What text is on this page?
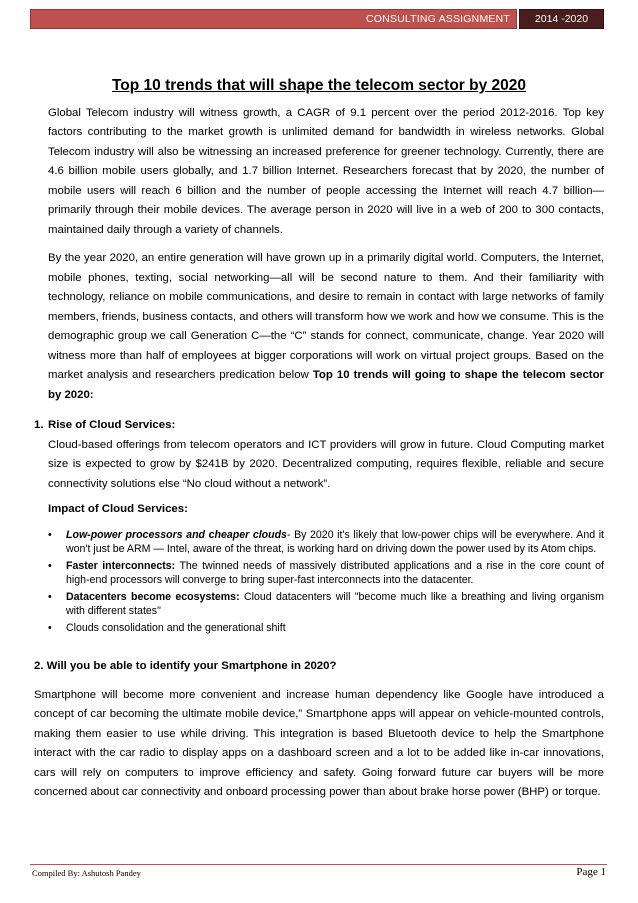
CONSULTING ASSIGNMENT	2014 -2020
Top 10 trends that will shape the telecom sector by 2020

Global Telecom industry will witness growth, a CAGR of 9.1 percent over the period 2012-2016. Top key factors contributing to the market growth is unlimited demand for bandwidth in wireless networks. Global Telecom industry will also be witnessing an increased preference for greener technology. Currently, there are 4.6 billion mobile users globally, and 1.7 billion Internet. Researchers forecast that by 2020, the number of mobile users will reach 6 billion and the number of people accessing the Internet will reach 4.7 billion—primarily through their mobile devices. The average person in 2020 will live in a web of 200 to 300 contacts, maintained daily through a variety of channels.

By the year 2020, an entire generation will have grown up in a primarily digital world. Computers, the Internet, mobile phones, texting, social networking—all will be second nature to them. And their familiarity with technology, reliance on mobile communications, and desire to remain in contact with large networks of family members, friends, business contacts, and others will transform how we work and how we consume. This is the demographic group we call Generation C—the “C” stands for connect, communicate, change. Year 2020 will witness more than half of employees at bigger corporations will work on virtual project groups. Based on the market analysis and researchers predication below Top 10 trends will going to shape the telecom sector by 2020:

1. Rise of Cloud Services:

Cloud-based offerings from telecom operators and ICT providers will grow in future. Cloud Computing market size is expected to grow by $241B by 2020. Decentralized computing, requires flexible, reliable and secure connectivity solutions else “No cloud without a network”.

Impact of Cloud Services:
•	Low-power processors and cheaper clouds- By 2020 it's likely that low-power chips will be everywhere. And it won't just be ARM — Intel, aware of the threat, is working hard on driving down the power used by its Atom chips.
•	Faster interconnects: The twinned needs of massively distributed applications and a rise in the core count of high-end processors will converge to bring super-fast interconnects into the datacenter.
•	Datacenters become ecosystems: Cloud datacenters will "become much like a breathing and living organism with different states"
•	Clouds consolidation and the generational shift
2. Will you be able to identify your Smartphone in 2020?

Smartphone will become more convenient and increase human dependency like Google have introduced a concept of car becoming the ultimate mobile device,” Smartphone apps will appear on vehicle-mounted controls, making them easier to use while driving. This integration is based Bluetooth device to help the Smartphone interact with the car radio to display apps on a dashboard screen and a lot to be added like in-car innovations, cars will rely on computers to improve efficiency and safety. Going forward future car buyers will be more concerned about car connectivity and onboard processing power than about brake horse power (BHP) or torque.

Compiled By: Ashutosh Pandey	Page 1
